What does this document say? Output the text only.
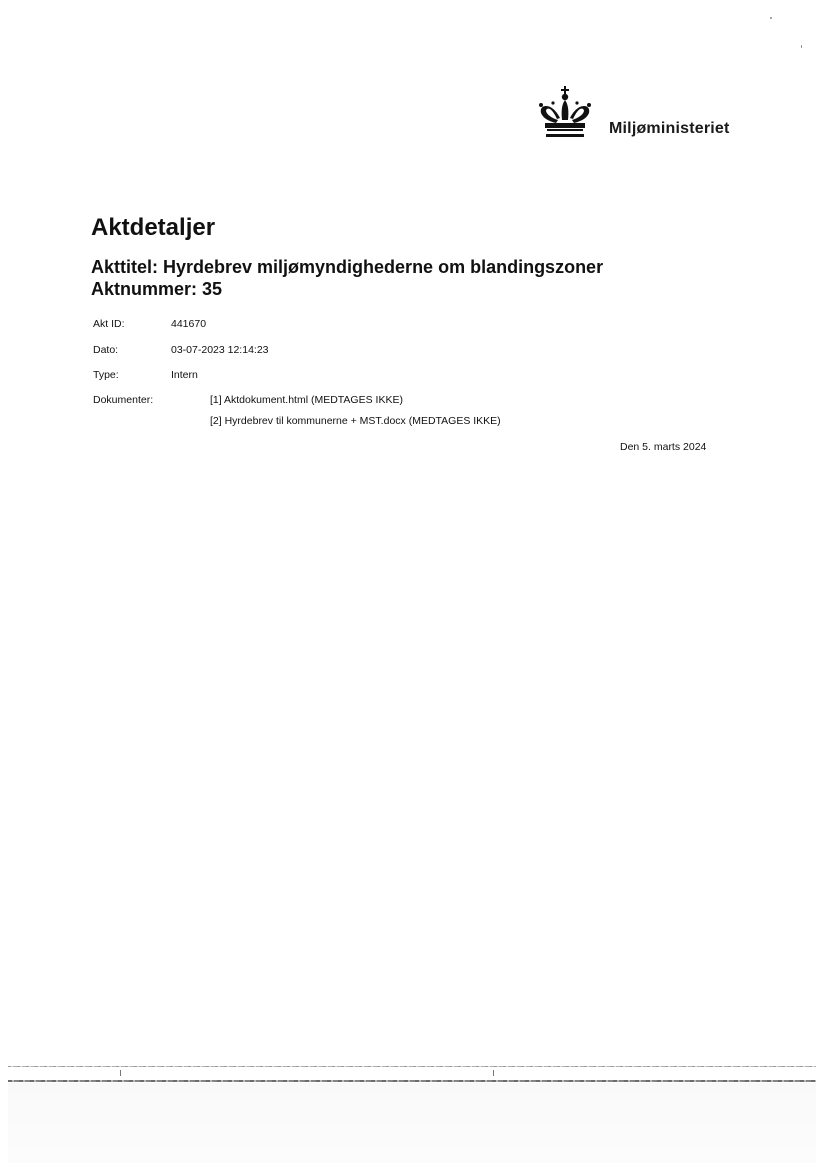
Miljøministeriet
Aktdetaljer
Akttitel: Hyrdebrev miljømyndighederne om blandingszoner
Aktnummer: 35
Akt ID:	441670
Dato:	03-07-2023 12:14:23
Type:	Intern
Dokumenter:	[1] Aktdokument.html (MEDTAGES IKKE)
[2] Hyrdebrev til kommunerne + MST.docx (MEDTAGES IKKE)
Den 5. marts 2024
